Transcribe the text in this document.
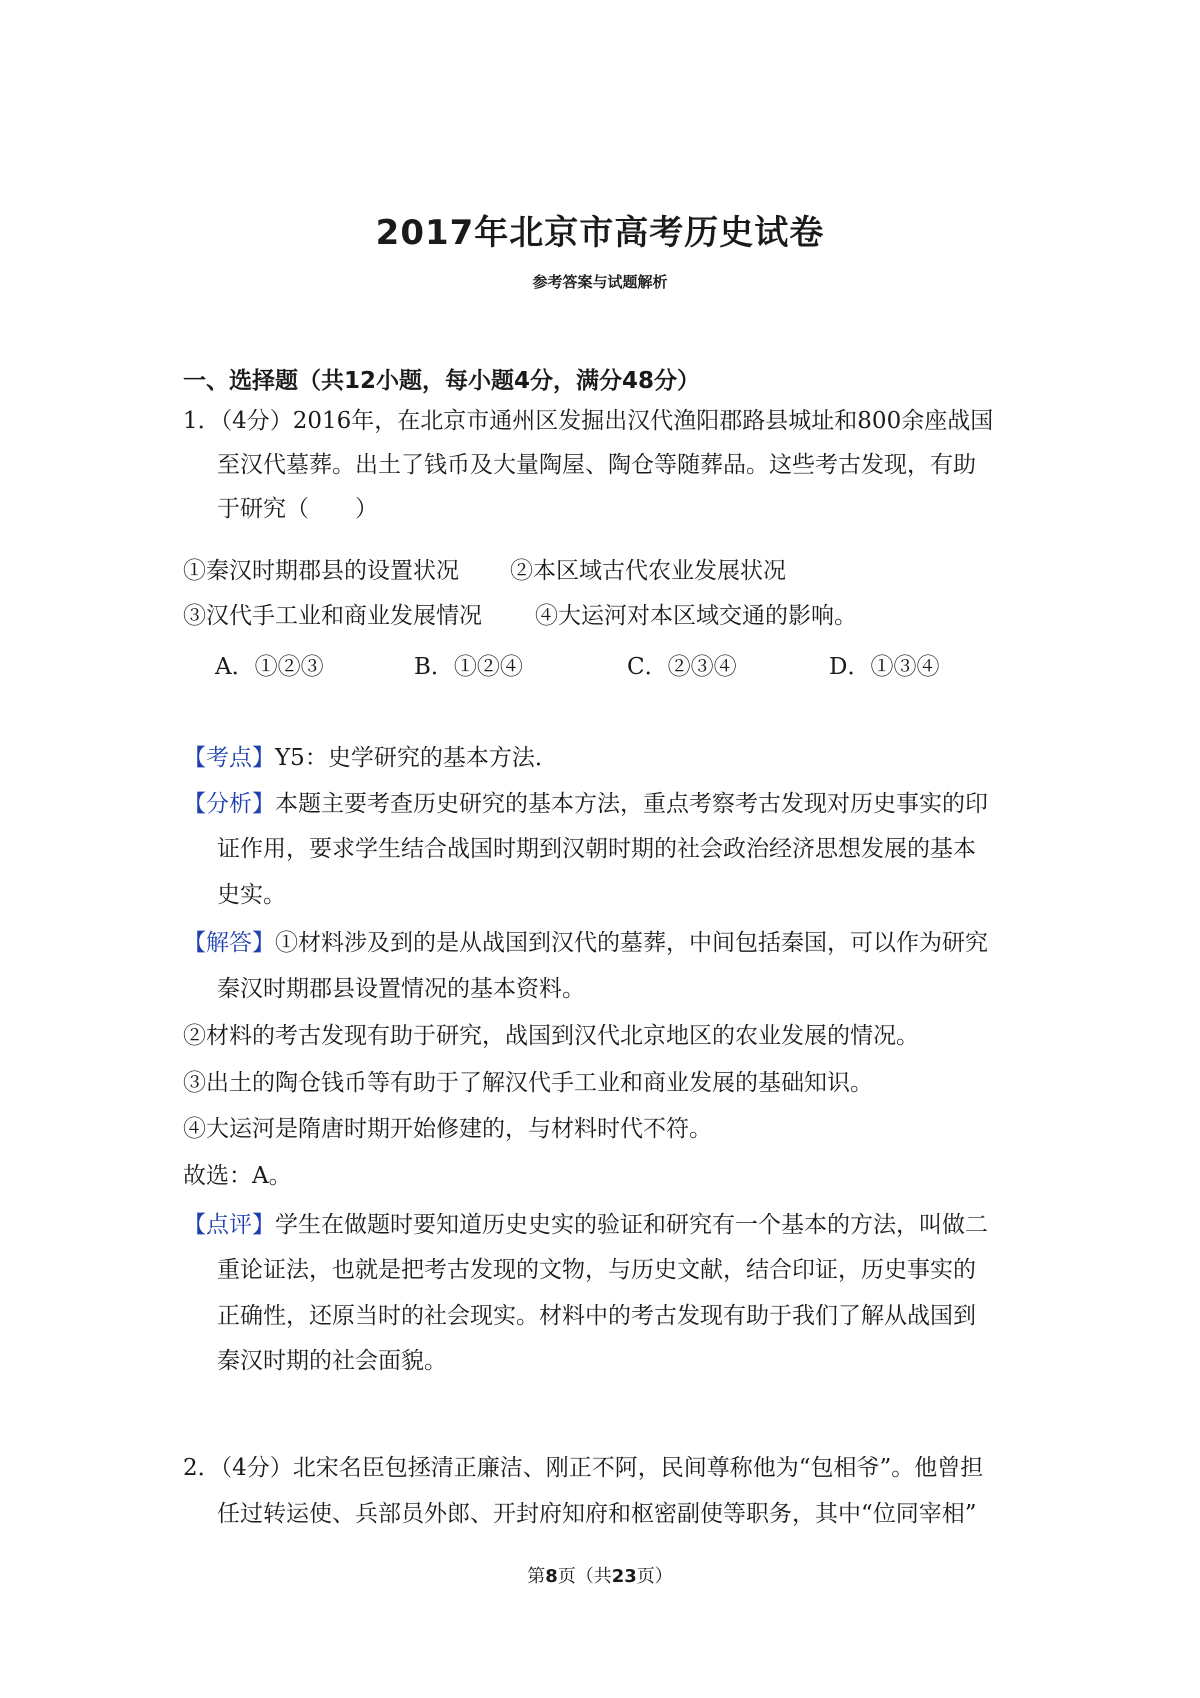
2017年北京市高考历史试卷
参考答案与试题解析
一、选择题（共12小题，每小题4分，满分48分）
1．（4分）2016年，在北京市通州区发掘出汉代渔阳郡路县城址和800余座战国
至汉代墓葬。出土了钱币及大量陶屋、陶仓等随葬品。这些考古发现，有助
于研究（　　）
①秦汉时期郡县的设置状况 ②本区域古代农业发展状况
③汉代手工业和商业发展情况 ④大运河对本区域交通的影响。
A．①②③	B．①②④	C．②③④	D．①③④
【考点】Y5：史学研究的基本方法．
【分析】本题主要考查历史研究的基本方法，重点考察考古发现对历史事实的印
证作用，要求学生结合战国时期到汉朝时期的社会政治经济思想发展的基本
史实。
【解答】①材料涉及到的是从战国到汉代的墓葬，中间包括秦国，可以作为研究
秦汉时期郡县设置情况的基本资料。
②材料的考古发现有助于研究，战国到汉代北京地区的农业发展的情况。
③出土的陶仓钱币等有助于了解汉代手工业和商业发展的基础知识。
④大运河是隋唐时期开始修建的，与材料时代不符。
故选：A。
【点评】学生在做题时要知道历史史实的验证和研究有一个基本的方法，叫做二
重论证法，也就是把考古发现的文物，与历史文献，结合印证，历史事实的
正确性，还原当时的社会现实。材料中的考古发现有助于我们了解从战国到
秦汉时期的社会面貌。
2．（4分）北宋名臣包拯清正廉洁、刚正不阿，民间尊称他为“包相爷”。他曾担
任过转运使、兵部员外郎、开封府知府和枢密副使等职务，其中“位同宰相”
第8页（共23页）
